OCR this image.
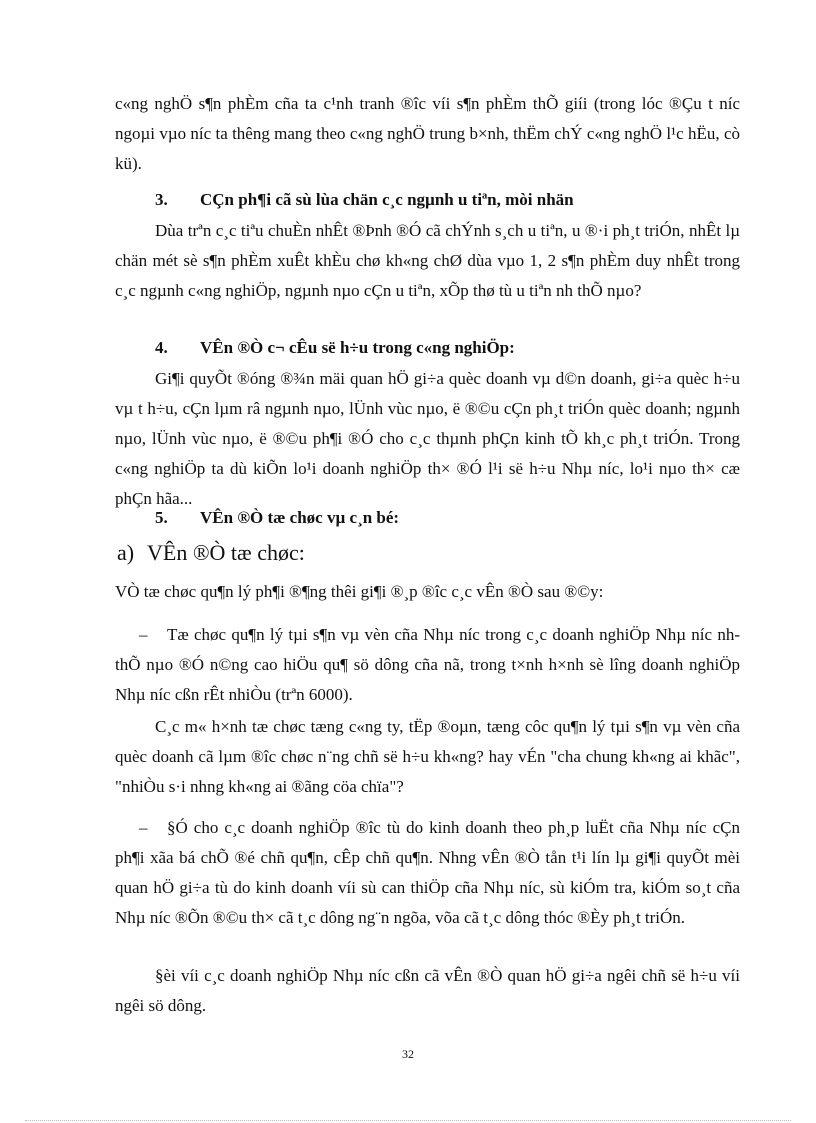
c«ng nghÖ s¶n phÈm cña ta c¹nh tranh ®îc víi s¶n phÈm thÕ giíi (trong lóc ®Çu t níc ngoµi vµo níc ta thêng mang theo c«ng nghÖ trung b×nh, thËm chÝ c«ng nghÖ l¹c hËu, cò kü).

3. CÇn ph¶i cã sù lùa chän c¸c ngµnh u tiªn, mòi nhän

Dùa trªn c¸c tiªu chuÈn nhÊt ®Þnh ®Ó cã chÝnh s¸ch u tiªn, u ®·i ph¸t triÓn, nhÊt lµ chän mét sè s¶n phÈm xuÊt khÈu chø kh«ng chØ dùa vµo 1, 2 s¶n phÈm duy nhÊt trong c¸c ngµnh c«ng nghiÖp, ngµnh nµo cÇn u tiªn, xÕp thø tù u tiªn nh thÕ nµo?

4. VÊn ®Ò c¬ cÊu së h÷u trong c«ng nghiÖp:

Gi¶i quyÕt ®óng ®¾n mäi quan hÖ gi÷a quèc doanh vµ d©n doanh, gi÷a quèc h÷u vµ t h÷u, cÇn lµm râ ngµnh nµo, lÜnh vùc nµo, ë ®©u cÇn ph¸t triÓn quèc doanh; ngµnh nµo, lÜnh vùc nµo, ë ®©u ph¶i ®Ó cho c¸c thµnh phÇn kinh tÕ kh¸c ph¸t triÓn. Trong c«ng nghiÖp ta dù kiÕn lo¹i doanh nghiÖp th× ®Ó l¹i së h÷u Nhµ níc, lo¹i nµo th× cæ phÇn hãa...

5. VÊn ®Ò tæ chøc vµ c¸n bé:

a) VÊn ®Ò tæ chøc:

VÒ tæ chøc qu¶n lý ph¶i ®¶ng thêi gi¶i ®¸p ®îc c¸c vÊn ®Ò sau ®©y:

– Tæ chøc qu¶n lý tµi s¶n vµ vèn cña Nhµ níc trong c¸c doanh nghiÖp Nhµ níc nh thÕ nµo ®Ó n©ng cao hiÖu qu¶ sö dông cña nã, trong t×nh h×nh sè lîng doanh nghiÖp Nhµ níc cßn rÊt nhiÒu (trªn 6000).

C¸c m« h×nh tæ chøc tæng c«ng ty, tËp ®oµn, tæng côc qu¶n lý tµi s¶n vµ vèn cña quèc doanh cã lµm ®îc chøc n¨ng chñ së h÷u kh«ng? hay vÉn "cha chung kh«ng ai khãc", "nhiÒu s·i nhng kh«ng ai ®ãng cöa chïa"?

– §Ó cho c¸c doanh nghiÖp ®îc tù do kinh doanh theo ph¸p luËt cña Nhµ níc cÇn ph¶i xãa bá chÕ ®é chñ qu¶n, cÊp chñ qu¶n. Nhng vÊn ®Ò tån t¹i lín lµ gi¶i quyÕt mèi quan hÖ gi÷a tù do kinh doanh víi sù can thiÖp cña Nhµ níc, sù kiÓm tra, kiÓm so¸t cña Nhµ níc ®Õn ®©u th× cã t¸c dông ng¨n ngõa, võa cã t¸c dông thóc ®Èy ph¸t triÓn.

§èi víi c¸c doanh nghiÖp Nhµ níc cßn cã vÊn ®Ò quan hÖ gi÷a ngêi chñ së h÷u víi ngêi sö dông.

32
